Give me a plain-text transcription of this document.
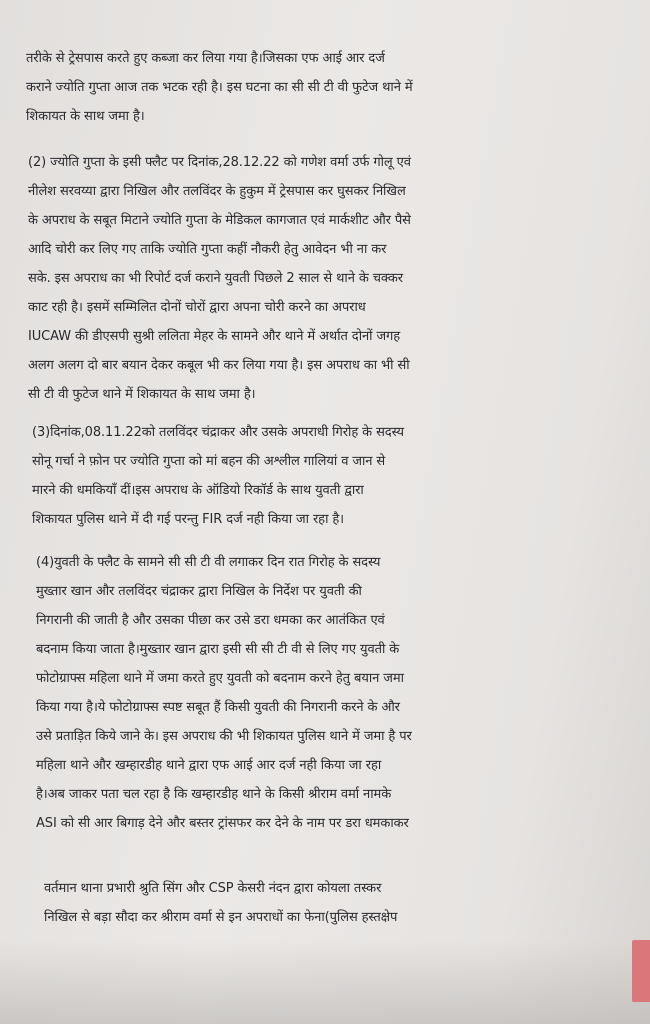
तरीके से ट्रेसपास करते हुए कब्जा कर लिया गया है।जिसका एफ आई आर दर्ज
कराने ज्योति गुप्ता आज तक भटक रही है। इस घटना का सी सी टी वी फुटेज थाने में
शिकायत के साथ जमा है।
(2) ज्योति गुप्ता के इसी फ्लैट पर दिनांक,28.12.22 को गणेश वर्मा उर्फ गोलू एवं
नीलेश सरवय्या द्वारा निखिल और तलविंदर के हुकुम में ट्रेसपास कर घुसकर निखिल
के अपराध के सबूत मिटाने ज्योति गुप्ता के मेडिकल कागजात एवं मार्कशीट और पैसे
आदि चोरी कर लिए गए ताकि ज्योति गुप्ता कहीं नौकरी हेतु आवेदन भी ना कर
सके. इस अपराध का भी रिपोर्ट दर्ज कराने युवती पिछले 2 साल से थाने के चक्कर
काट रही है। इसमें सम्मिलित दोनों चोरों द्वारा अपना चोरी करने का अपराध
IUCAW की डीएसपी सुश्री ललिता मेहर के सामने और थाने में अर्थात दोनों जगह
अलग अलग दो बार बयान देकर कबूल भी कर लिया गया है। इस अपराध का भी सी
सी टी वी फुटेज थाने में शिकायत के साथ जमा है।
(3)दिनांक,08.11.22को तलविंदर चंद्राकर और उसके अपराधी गिरोह के सदस्य
सोनू गर्चा ने फ़ोन पर ज्योति गुप्ता को मां बहन की अश्लील गालियां व जान से
मारने की धमकियाँ दीं।इस अपराध के ऑडियो रिकॉर्ड के साथ युवती द्वारा
शिकायत पुलिस थाने में दी गई परन्तु FIR दर्ज नही किया जा रहा है।
(4)युवती के फ्लैट के सामने सी सी टी वी लगाकर दिन रात गिरोह के सदस्य
मुख्तार खान और तलविंदर चंद्राकर द्वारा निखिल के निर्देश पर युवती की
निगरानी की जाती है और उसका पीछा कर उसे डरा धमका कर आतंकित एवं
बदनाम किया जाता है।मुख्तार खान द्वारा इसी सी सी टी वी से लिए गए युवती के
फोटोग्राफ्स महिला थाने में जमा करते हुए युवती को बदनाम करने हेतु बयान जमा
किया गया है।ये फोटोग्राफ्स स्पष्ट सबूत हैं किसी युवती की निगरानी करने के और
उसे प्रताड़ित किये जाने के। इस अपराध की भी शिकायत पुलिस थाने में जमा है पर
महिला थाने और खम्हारडीह थाने द्वारा एफ आई आर दर्ज नही किया जा रहा
है।अब जाकर पता चल रहा है कि खम्हारडीह थाने के किसी श्रीराम वर्मा नामके
ASI को सी आर बिगाड़ देने और बस्तर ट्रांसफर कर देने के नाम पर डरा धमकाकर
वर्तमान थाना प्रभारी श्रुति सिंग और CSP केसरी नंदन द्वारा कोयला तस्कर
निखिल से बड़ा सौदा कर श्रीराम वर्मा से इन अपराधों का फेना(पुलिस हस्तक्षेप
